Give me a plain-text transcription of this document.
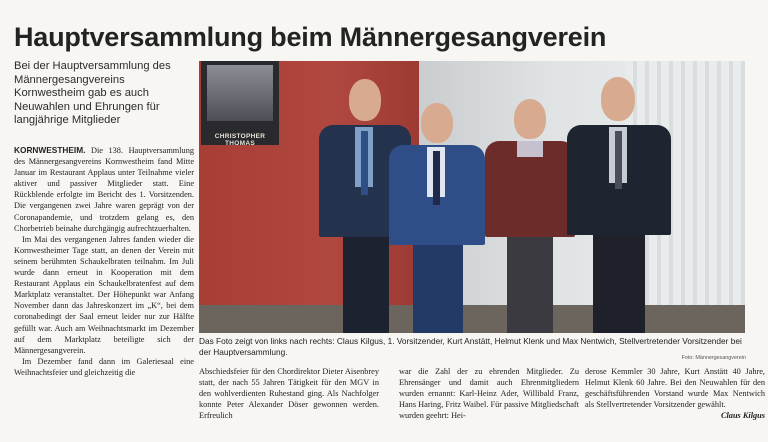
Hauptversammlung beim Männergesangverein
Bei der Hauptversammlung des Männergesangvereins Kornwestheim gab es auch Neuwahlen und Ehrungen für langjährige Mitglieder

KORNWESTHEIM. Die 138. Hauptversammlung des Männergesangvereins Kornwestheim fand Mitte Januar im Restaurant Applaus unter Teilnahme vieler aktiver und passiver Mitglieder statt. Eine Rückblende erfolgte im Bericht des 1. Vorsitzenden. Die vergangenen zwei Jahre waren geprägt von der Coronapandemie, und trotzdem gelang es, den Chorbetrieb beinahe durchgängig aufrechtzuerhalten.

Im Mai des vergangenen Jahres fanden wieder die Kornwestheimer Tage statt, an denen der Verein mit seinem berühmten Schaukelbraten teilnahm. Im Juli wurde dann erneut in Kooperation mit dem Restaurant Applaus ein Schaukelbratenfest auf dem Marktplatz veranstaltet. Der Höhepunkt war Anfang November dann das Jahreskonzert im „K“, bei dem coronabedingt der Saal erneut leider nur zur Hälfte gefüllt war. Auch am Weihnachtsmarkt im Dezember auf dem Marktplatz beteiligte sich der Männergesangverein.

Im Dezember fand dann im Galeriesaal eine Weihnachtsfeier und gleichzeitig die

CHRISTOPHER THOMAS
Das Foto zeigt von links nach rechts: Claus Kilgus, 1. Vorsitzender, Kurt Anstätt, Helmut Klenk und Max Nentwich, Stellvertretender Vorsitzender bei der Hauptversammlung.
Foto: Männergesangverein

Abschiedsfeier für den Chordirektor Dieter Aisenbrey statt, der nach 55 Jahren Tätigkeit für den MGV in den wohlverdienten Ruhestand ging. Als Nachfolger konnte Peter Alexander Döser gewonnen werden. Erfreulich

war die Zahl der zu ehrenden Mitglieder. Zu Ehrensänger und damit auch Ehrenmitgliedern wurden ernannt: Karl-Heinz Ader, Willibald Franz, Hans Haring, Fritz Waibel. Für passive Mitgliedschaft wurden geehrt: Hei-

derose Kemmler 30 Jahre, Kurt Anstätt 40 Jahre, Helmut Klenk 60 Jahre. Bei den Neuwahlen für den geschäftsführenden Vorstand wurde Max Nentwich als Stellvertretender Vorsitzender gewählt.
Claus Kilgus
